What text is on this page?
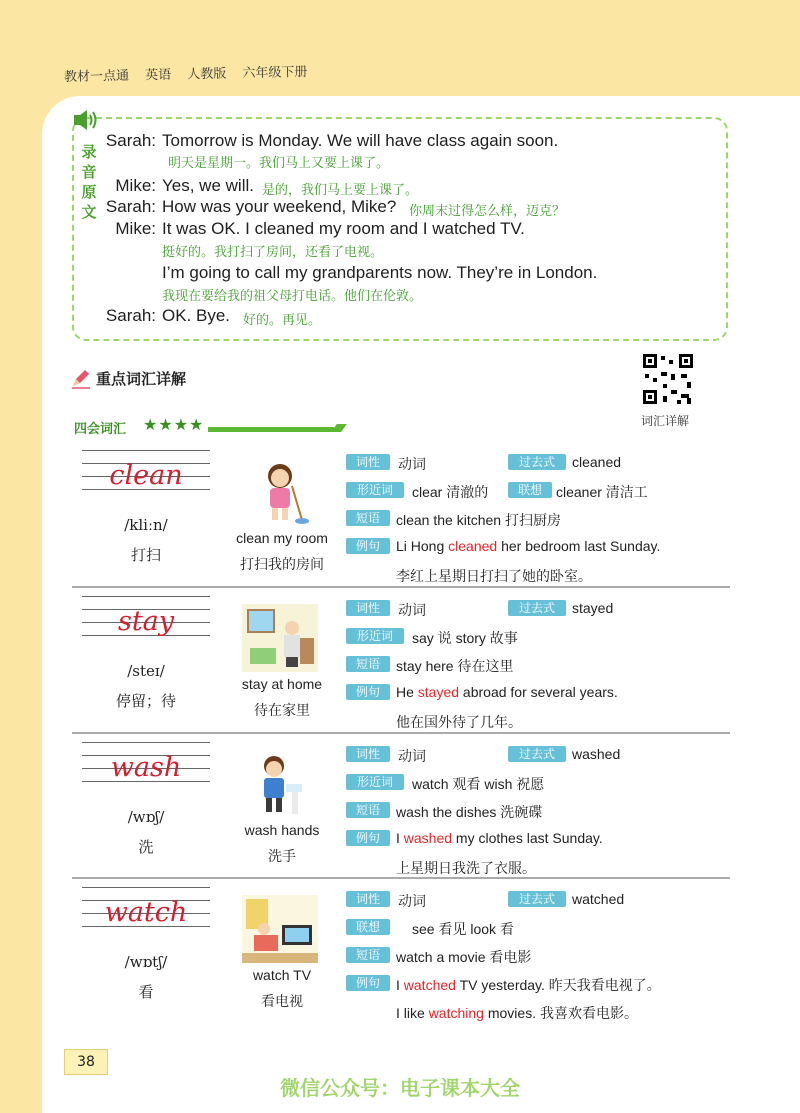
教材一点通 英语 人教版 六年级下册
录音原文
Sarah: Tomorrow is Monday. We will have class again soon.
明天是星期一。我们马上又要上课了。
Mike: Yes, we will. 是的，我们马上要上课了。
Sarah: How was your weekend, Mike? 你周末过得怎么样，迈克？
Mike: It was OK. I cleaned my room and I watched TV.
挺好的。我打扫了房间，还看了电视。
I’m going to call my grandparents now. They’re in London.
我现在要给我的祖父母打电话。他们在伦敦。
Sarah: OK. Bye. 好的。再见。
重点词汇详解
词汇详解
四会词汇 ★★★★
clean
/kliːn/
打扫
clean my room
打扫我的房间
词性	动词	过去式	cleaned
形近词	clear 清澈的	联想	cleaner 清洁工
短语	clean the kitchen 打扫厨房
例句	Li Hong cleaned her bedroom last Sunday.
李红上星期日打扫了她的卧室。
stay
/steɪ/
停留；待
stay at home
待在家里
词性	动词	过去式	stayed
形近词	say 说 story 故事
短语	stay here 待在这里
例句	He stayed abroad for several years.
他在国外待了几年。
wash
/wɒʃ/
洗
wash hands
洗手
词性	动词	过去式	washed
形近词	watch 观看 wish 祝愿
短语	wash the dishes 洗碗碟
例句	I washed my clothes last Sunday.
上星期日我洗了衣服。
watch
/wɒtʃ/
看
watch TV
看电视
词性	动词	过去式	watched
联想	see 看见 look 看
短语	watch a movie 看电影
例句	I watched TV yesterday. 昨天我看电视了。
I like watching movies. 我喜欢看电影。
38
微信公众号：电子课本大全
